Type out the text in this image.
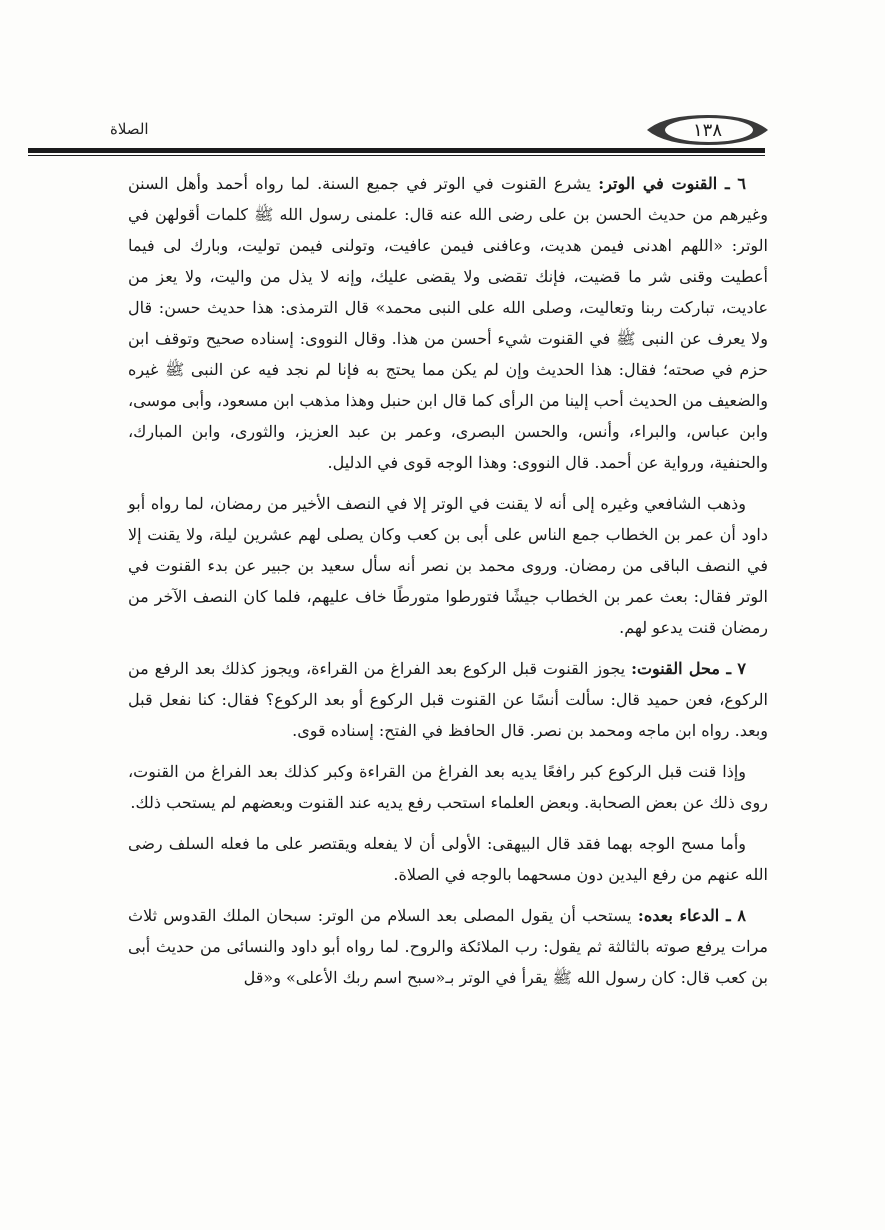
الصلاة	١٣٨

٦ ـ القنوت في الوتر: يشرع القنوت في الوتر في جميع السنة. لما رواه أحمد وأهل السنن وغيرهم من حديث الحسن بن على رضى الله عنه قال: علمنى رسول الله ﷺ كلمات أقولهن في الوتر: «اللهم اهدنى فيمن هديت، وعافنى فيمن عافيت، وتولنى فيمن توليت، وبارك لى فيما أعطيت وقنى شر ما قضيت، فإنك تقضى ولا يقضى عليك، وإنه لا يذل من واليت، ولا يعز من عاديت، تباركت ربنا وتعاليت، وصلى الله على النبى محمد» قال الترمذى: هذا حديث حسن: قال ولا يعرف عن النبى ﷺ في القنوت شيء أحسن من هذا. وقال النووى: إسناده صحيح وتوقف ابن حزم في صحته؛ فقال: هذا الحديث وإن لم يكن مما يحتج به فإنا لم نجد فيه عن النبى ﷺ غيره والضعيف من الحديث أحب إلينا من الرأى كما قال ابن حنبل وهذا مذهب ابن مسعود، وأبى موسى، وابن عباس، والبراء، وأنس، والحسن البصرى، وعمر بن عبد العزيز، والثورى، وابن المبارك، والحنفية، ورواية عن أحمد. قال النووى: وهذا الوجه قوى في الدليل.

وذهب الشافعي وغيره إلى أنه لا يقنت في الوتر إلا في النصف الأخير من رمضان، لما رواه أبو داود أن عمر بن الخطاب جمع الناس على أبى بن كعب وكان يصلى لهم عشرين ليلة، ولا يقنت إلا في النصف الباقى من رمضان. وروى محمد بن نصر أنه سأل سعيد بن جبير عن بدء القنوت في الوتر فقال: بعث عمر بن الخطاب جيشًا فتورطوا متورطًا خاف عليهم، فلما كان النصف الآخر من رمضان قنت يدعو لهم.

٧ ـ محل القنوت: يجوز القنوت قبل الركوع بعد الفراغ من القراءة، ويجوز كذلك بعد الرفع من الركوع، فعن حميد قال: سألت أنسًا عن القنوت قبل الركوع أو بعد الركوع؟ فقال: كنا نفعل قبل وبعد. رواه ابن ماجه ومحمد بن نصر. قال الحافظ في الفتح: إسناده قوى.

وإذا قنت قبل الركوع كبر رافعًا يديه بعد الفراغ من القراءة وكبر كذلك بعد الفراغ من القنوت، روى ذلك عن بعض الصحابة. وبعض العلماء استحب رفع يديه عند القنوت وبعضهم لم يستحب ذلك.

وأما مسح الوجه بهما فقد قال البيهقى: الأولى أن لا يفعله ويقتصر على ما فعله السلف رضى الله عنهم من رفع اليدين دون مسحهما بالوجه في الصلاة.

٨ ـ الدعاء بعده: يستحب أن يقول المصلى بعد السلام من الوتر: سبحان الملك القدوس ثلاث مرات يرفع صوته بالثالثة ثم يقول: رب الملائكة والروح. لما رواه أبو داود والنسائى من حديث أبى بن كعب قال: كان رسول الله ﷺ يقرأ في الوتر بـ«سبح اسم ربك الأعلى» و«قل
